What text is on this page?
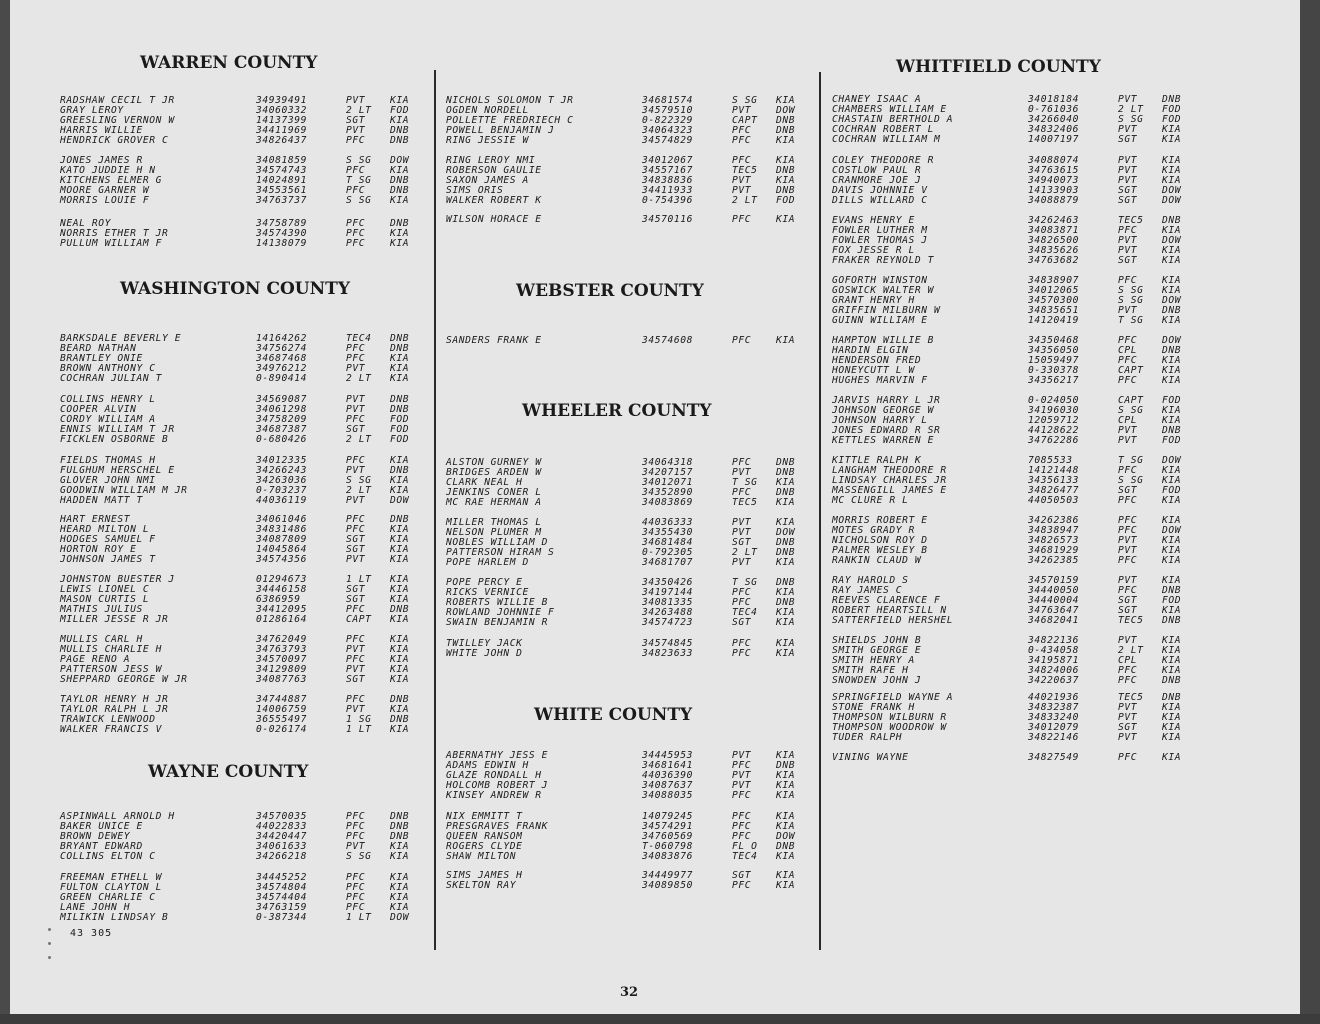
WARREN COUNTY
WASHINGTON COUNTY
WAYNE COUNTY
RADSHAW CECIL T JR	34939491	PVT	KIA
GRAY LEROY	34060332	2 LT FOD
GREESLING VERNON W	14137399	SGT	KIA
HARRIS WILLIE	34411969	PVT	DNB
HENDRICK GROVER C	34826437	PFC	DNB
JONES JAMES R	34081859	S SG DOW
KATO JUDDIE H N	34574743	PFC	KIA
KITCHENS ELMER G	14024891	T SG DNB
MOORE GARNER W	34553561	PFC	DNB
MORRIS LOUIE F	34763737	S SG KIA
NEAL ROY	34758789	PFC	DNB
NORRIS ETHER T JR	34574390	PFC	KIA
PULLUM WILLIAM F	14138079	PFC	KIA
BARKSDALE BEVERLY E	14164262	TEC4 DNB
BEARD NATHAN	34756274	PFC	DNB
BRANTLEY ONIE	34687468	PFC	KIA
BROWN ANTHONY C	34976212	PVT	KIA
COCHRAN JULIAN T	0-890414	2 LT KIA
COLLINS HENRY L	34569087	PVT	DNB
COOPER ALVIN	34061298	PVT	DNB
CORDY WILLIAM A	34758209	PFC	FOD
ENNIS WILLIAM T JR	34687387	SGT	FOD
FICKLEN OSBORNE B	0-680426	2 LT FOD
FIELDS THOMAS H	34012335	PFC	KIA
FULGHUM HERSCHEL E	34266243	PVT	DNB
GLOVER JOHN NMI	34263036	S SG KIA
GOODWIN WILLIAM M JR	0-703237	2 LT KIA
HADDEN MATT T	44036119	PVT	DOW
HART ERNEST	34061046	PFC	DNB
HEARD MILTON L	34831486	PFC	KIA
HODGES SAMUEL F	34087809	SGT	KIA
HORTON ROY E	14045864	SGT	KIA
JOHNSON JAMES T	34574356	PVT	KIA
JOHNSTON BUESTER J	01294673	1 LT KIA
LEWIS LIONEL C	34446158	SGT	KIA
MASON CURTIS L	6386959	SGT	KIA
MATHIS JULIUS	34412095	PFC	DNB
MILLER JESSE R JR	01286164	CAPT KIA
MULLIS CARL H	34762049	PFC	KIA
MULLIS CHARLIE H	34763793	PVT	KIA
PAGE RENO A	34570097	PFC	KIA
PATTERSON JESS W	34129809	PVT	KIA
SHEPPARD GEORGE W JR	34087763	SGT	KIA
TAYLOR HENRY H JR	34744887	PFC	DNB
TAYLOR RALPH L JR	14006759	PVT	KIA
TRAWICK LENWOOD	36555497	1 SG DNB
WALKER FRANCIS V	0-026174	1 LT KIA
ASPINWALL ARNOLD H	34570035	PFC	DNB
BAKER UNICE E	44022833	PFC	DNB
BROWN DEWEY	34420447	PFC	DNB
BRYANT EDWARD	34061633	PVT	KIA
COLLINS ELTON C	34266218	S SG KIA
FREEMAN ETHELL W	34445252	PFC	KIA
FULTON CLAYTON L	34574804	PFC	KIA
GREEN CHARLIE C	34574404	PFC	KIA
LANE JOHN H	34763159	PFC	KIA
MILIKIN LINDSAY B	0-387344	1 LT DOW
WEBSTER COUNTY
WHEELER COUNTY
WHITE COUNTY
NICHOLS SOLOMON T JR	34681574	S SG KIA
OGDEN NORDELL	34579510	PVT	DOW
POLLETTE FREDRIECH C	0-822329	CAPT DNB
POWELL BENJAMIN J	34064323	PFC	DNB
RING JESSIE W	34574829	PFC	KIA
RING LEROY NMI	34012067	PFC	KIA
ROBERSON GAULIE	34557167	TEC5 DNB
SAXON JAMES A	34838836	PVT	KIA
SIMS ORIS	34411933	PVT	DNB
WALKER ROBERT K	0-754396	2 LT FOD
WILSON HORACE E	34570116	PFC	KIA
SANDERS FRANK E	34574608	PFC	KIA
ALSTON GURNEY W	34064318	PFC	DNB
BRIDGES ARDEN W	34207157	PVT	DNB
CLARK NEAL H	34012071	T SG KIA
JENKINS CONER L	34352890	PFC	DNB
MC RAE HERMAN A	34083869	TEC5 KIA
MILLER THOMAS L	44036333	PVT	KIA
NELSON PLUMER M	34355430	PVT	DOW
NOBLES WILLIAM D	34681484	SGT	DNB
PATTERSON HIRAM S	0-792305	2 LT DNB
POPE HARLEM D	34681707	PVT	KIA
POPE PERCY E	34350426	T SG DNB
RICKS VERNICE	34197144	PFC	KIA
ROBERTS WILLIE B	34081335	PFC	DNB
ROWLAND JOHNNIE F	34263488	TEC4 KIA
SWAIN BENJAMIN R	34574723	SGT	KIA
TWILLEY JACK	34574845	PFC	KIA
WHITE JOHN D	34823633	PFC	KIA
ABERNATHY JESS E	34445953	PVT	KIA
ADAMS EDWIN H	34681641	PFC	DNB
GLAZE RONDALL H	44036390	PVT	KIA
HOLCOMB ROBERT J	34087637	PVT	KIA
KINSEY ANDREW R	34088035	PFC	KIA
NIX EMMITT T	14079245	PFC	KIA
PRESGRAVES FRANK	34574291	PFC	KIA
QUEEN RANSOM	34760569	PFC	DOW
ROGERS CLYDE	T-060798	FL O DNB
SHAW MILTON	34083876	TEC4 KIA
SIMS JAMES H	34449977	SGT	KIA
SKELTON RAY	34089850	PFC	KIA
WHITFIELD COUNTY
CHANEY ISAAC A	34018184	PVT	DNB
CHAMBERS WILLIAM E	0-761036	2 LT FOD
CHASTAIN BERTHOLD A	34266040	S SG FOD
COCHRAN ROBERT L	34832406	PVT	KIA
COCHRAN WILLIAM M	14007197	SGT	KIA
COLEY THEODORE R	34088074	PVT	KIA
COSTLOW PAUL R	34763615	PVT	KIA
CRANMORE JOE J	34940073	PVT	KIA
DAVIS JOHNNIE V	14133903	SGT	DOW
DILLS WILLARD C	34088879	SGT	DOW
EVANS HENRY E	34262463	TEC5 DNB
FOWLER LUTHER M	34083871	PFC	KIA
FOWLER THOMAS J	34826500	PVT	DOW
FOX JESSE R L	34835626	PVT	KIA
FRAKER REYNOLD T	34763682	SGT	KIA
GOFORTH WINSTON	34838907	PFC	KIA
GOSWICK WALTER W	34012065	S SG KIA
GRANT HENRY H	34570300	S SG DOW
GRIFFIN MILBURN W	34835651	PVT	DNB
GUINN WILLIAM E	14120419	T SG KIA
HAMPTON WILLIE B	34350468	PFC	DOW
HARDIN ELGIN	34356050	CPL	DNB
HENDERSON FRED	15059497	PFC	KIA
HONEYCUTT L W	0-330378	CAPT KIA
HUGHES MARVIN F	34356217	PFC	KIA
JARVIS HARRY L JR	0-024050	CAPT FOD
JOHNSON GEORGE W	34196030	S SG KIA
JOHNSON HARRY L	12059712	CPL	KIA
JONES EDWARD R SR	44128622	PVT	DNB
KETTLES WARREN E	34762286	PVT	FOD
KITTLE RALPH K	7085533	T SG DOW
LANGHAM THEODORE R	14121448	PFC	KIA
LINDSAY CHARLES JR	34356133	S SG KIA
MASSENGILL JAMES E	34826477	SGT	FOD
MC CLURE R L	44050503	PFC	KIA
MORRIS ROBERT E	34262386	PFC	KIA
MOTES GRADY R	34838947	PFC	DOW
NICHOLSON ROY D	34826573	PVT	KIA
PALMER WESLEY B	34681929	PVT	KIA
RANKIN CLAUD W	34262385	PFC	KIA
RAY HAROLD S	34570159	PVT	KIA
RAY JAMES C	34440050	PFC	DNB
REEVES CLARENCE F	34440004	SGT	FOD
ROBERT HEARTSILL N	34763647	SGT	KIA
SATTERFIELD HERSHEL	34682041	TEC5 DNB
SHIELDS JOHN B	34822136	PVT	KIA
SMITH GEORGE E	0-434058	2 LT KIA
SMITH HENRY A	34195871	CPL	KIA
SMITH RAFE H	34824006	PFC	KIA
SNOWDEN JOHN J	34220637	PFC	DNB
SPRINGFIELD WAYNE A	44021936	TEC5 DNB
STONE FRANK H	34832387	PVT	KIA
THOMPSON WILBURN R	34833240	PVT	KIA
THOMPSON WOODROW W	34012079	SGT	KIA
TUDER RALPH	34822146	PVT	KIA
VINING WAYNE	34827549	PFC	KIA
43 305
32
